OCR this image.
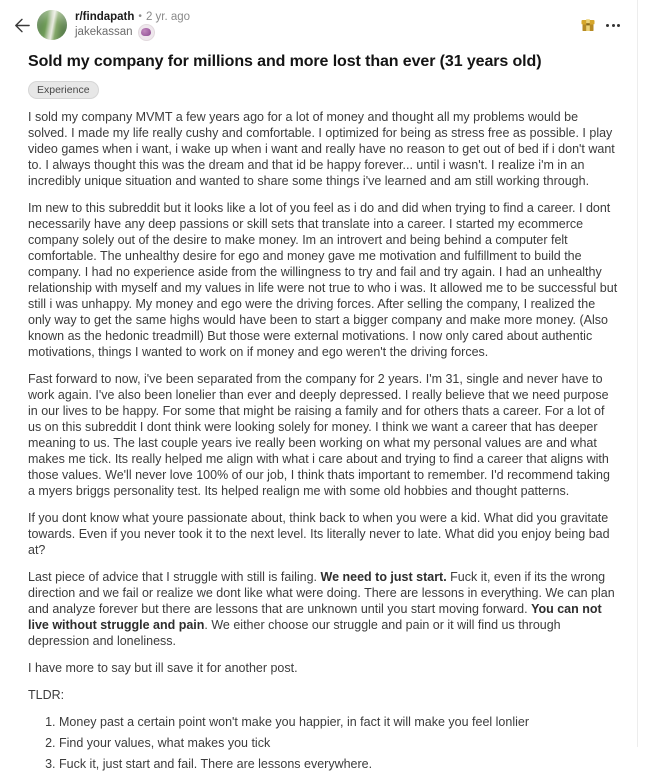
r/findapath • 2 yr. ago
jakekassan
Sold my company for millions and more lost than ever (31 years old)
Experience

I sold my company MVMT a few years ago for a lot of money and thought all my problems would be solved. I made my life really cushy and comfortable. I optimized for being as stress free as possible. I play video games when i want, i wake up when i want and really have no reason to get out of bed if i don't want to. I always thought this was the dream and that id be happy forever... until i wasn't. I realize i'm in an incredibly unique situation and wanted to share some things i've learned and am still working through.

Im new to this subreddit but it looks like a lot of you feel as i do and did when trying to find a career. I dont necessarily have any deep passions or skill sets that translate into a career. I started my ecommerce company solely out of the desire to make money. Im an introvert and being behind a computer felt comfortable. The unhealthy desire for ego and money gave me motivation and fulfillment to build the company. I had no experience aside from the willingness to try and fail and try again. I had an unhealthy relationship with myself and my values in life were not true to who i was. It allowed me to be successful but still i was unhappy. My money and ego were the driving forces. After selling the company, I realized the only way to get the same highs would have been to start a bigger company and make more money. (Also known as the hedonic treadmill) But those were external motivations. I now only cared about authentic motivations, things I wanted to work on if money and ego weren't the driving forces.

Fast forward to now, i've been separated from the company for 2 years. I'm 31, single and never have to work again. I've also been lonelier than ever and deeply depressed. I really believe that we need purpose in our lives to be happy. For some that might be raising a family and for others thats a career. For a lot of us on this subreddit I dont think were looking solely for money. I think we want a career that has deeper meaning to us. The last couple years ive really been working on what my personal values are and what makes me tick. Its really helped me align with what i care about and trying to find a career that aligns with those values. We'll never love 100% of our job, I think thats important to remember. I'd recommend taking a myers briggs personality test. Its helped realign me with some old hobbies and thought patterns.

If you dont know what youre passionate about, think back to when you were a kid. What did you gravitate towards. Even if you never took it to the next level. Its literally never to late. What did you enjoy being bad at?

Last piece of advice that I struggle with still is failing. We need to just start. Fuck it, even if its the wrong direction and we fail or realize we dont like what were doing. There are lessons in everything. We can plan and analyze forever but there are lessons that are unknown until you start moving forward. You can not live without struggle and pain. We either choose our struggle and pain or it will find us through depression and loneliness.

I have more to say but ill save it for another post.

TLDR:

1. Money past a certain point won't make you happier, in fact it will make you feel lonlier
2. Find your values, what makes you tick
3. Fuck it, just start and fail. There are lessons everywhere.
